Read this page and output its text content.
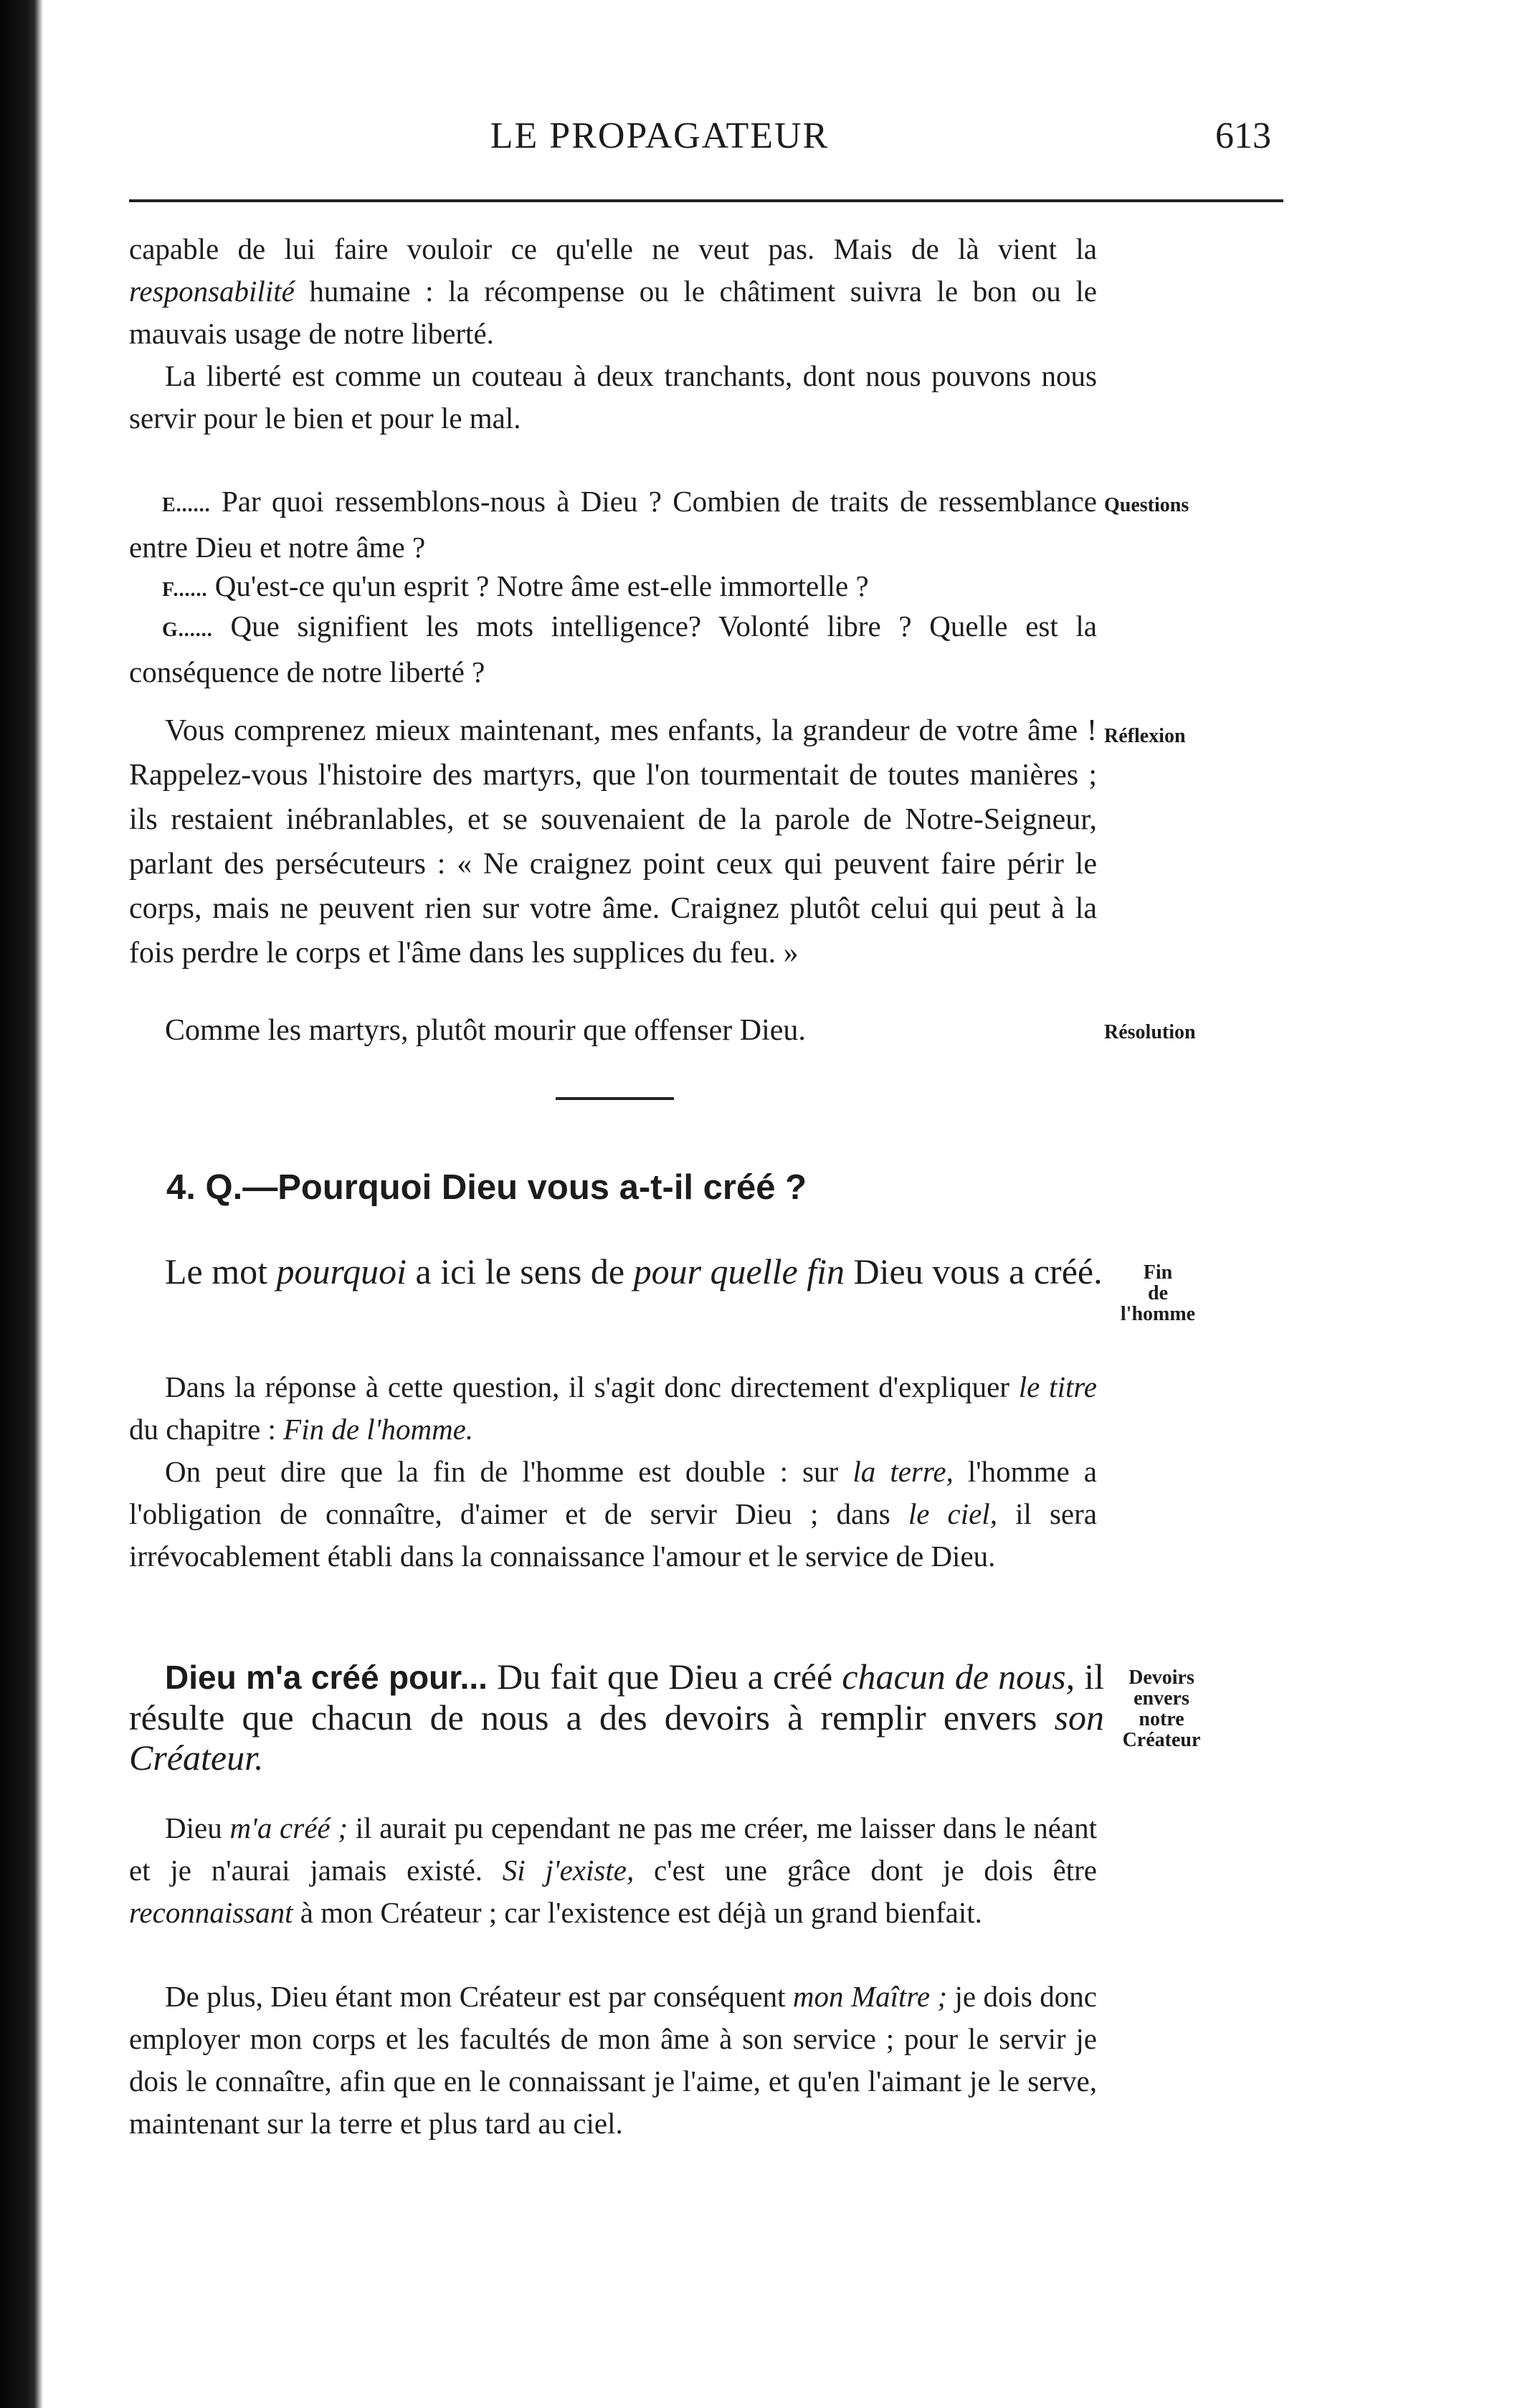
LE PROPAGATEUR	613

capable de lui faire vouloir ce qu'elle ne veut pas. Mais de là vient la responsabilité humaine : la récompense ou le châtiment suivra le bon ou le mauvais usage de notre liberté.

La liberté est comme un couteau à deux tranchants, dont nous pouvons nous servir pour le bien et pour le mal.

Questions

E...... Par quoi ressemblons-nous à Dieu ? Combien de traits de ressemblance entre Dieu et notre âme ?

F...... Qu'est-ce qu'un esprit ? Notre âme est-elle immortelle ?

G...... Que signifient les mots intelligence? Volonté libre ? Quelle est la conséquence de notre liberté ?

Réflexion

Vous comprenez mieux maintenant, mes enfants, la grandeur de votre âme ! Rappelez-vous l'histoire des martyrs, que l'on tourmentait de toutes manières ; ils restaient inébranlables, et se souvenaient de la parole de Notre-Seigneur, parlant des persécuteurs : « Ne craignez point ceux qui peuvent faire périr le corps, mais ne peuvent rien sur votre âme. Craignez plutôt celui qui peut à la fois perdre le corps et l'âme dans les supplices du feu. »

Résolution

Comme les martyrs, plutôt mourir que offenser Dieu.

4. Q.—Pourquoi Dieu vous a-t-il créé ?
Fin
de
l'homme

Le mot pourquoi a ici le sens de pour quelle fin Dieu vous a créé.

Dans la réponse à cette question, il s'agit donc directement d'expliquer le titre du chapitre : Fin de l'homme.

On peut dire que la fin de l'homme est double : sur la terre, l'homme a l'obligation de connaître, d'aimer et de servir Dieu ; dans le ciel, il sera irrévocablement établi dans la connaissance l'amour et le service de Dieu.

Devoirs
envers
notre
Créateur

Dieu m'a créé pour... Du fait que Dieu a créé chacun de nous, il résulte que chacun de nous a des devoirs à remplir envers son Créateur.

Dieu m'a créé ; il aurait pu cependant ne pas me créer, me laisser dans le néant et je n'aurai jamais existé. Si j'existe, c'est une grâce dont je dois être reconnaissant à mon Créateur ; car l'existence est déjà un grand bienfait.

De plus, Dieu étant mon Créateur est par conséquent mon Maître ; je dois donc employer mon corps et les facultés de mon âme à son service ; pour le servir je dois le connaître, afin que en le connaissant je l'aime, et qu'en l'aimant je le serve, maintenant sur la terre et plus tard au ciel.
